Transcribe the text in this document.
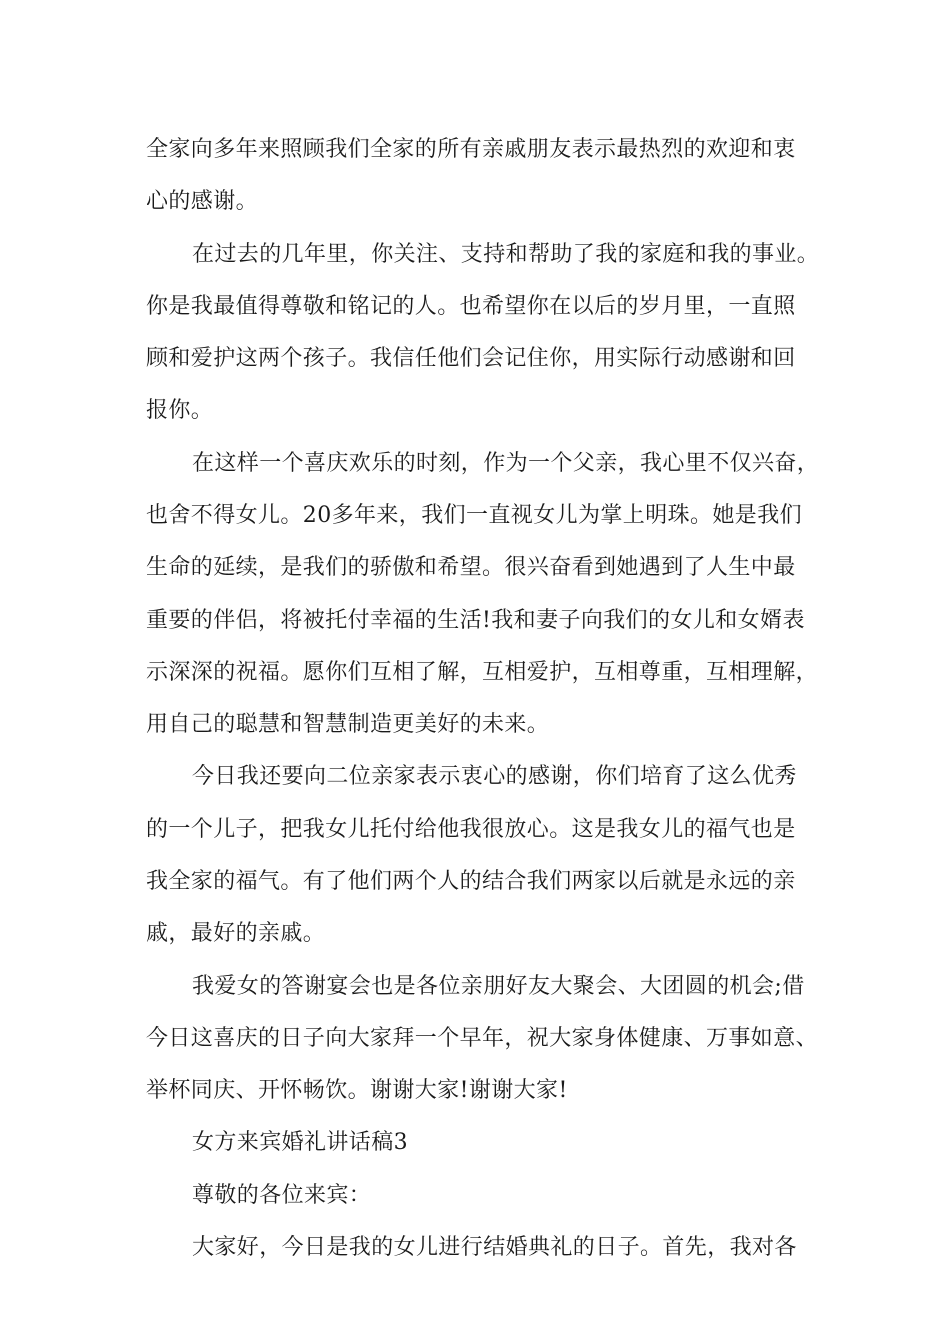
全家向多年来照顾我们全家的所有亲戚朋友表示最热烈的欢迎和衷
心的感谢。
在过去的几年里，你关注、支持和帮助了我的家庭和我的事业。
你是我最值得尊敬和铭记的人。也希望你在以后的岁月里，一直照
顾和爱护这两个孩子。我信任他们会记住你，用实际行动感谢和回
报你。
在这样一个喜庆欢乐的时刻，作为一个父亲，我心里不仅兴奋，
也舍不得女儿。20多年来，我们一直视女儿为掌上明珠。她是我们
生命的延续，是我们的骄傲和希望。很兴奋看到她遇到了人生中最
重要的伴侣，将被托付幸福的生活!我和妻子向我们的女儿和女婿表
示深深的祝福。愿你们互相了解，互相爱护，互相尊重，互相理解，
用自己的聪慧和智慧制造更美好的未来。
今日我还要向二位亲家表示衷心的感谢，你们培育了这么优秀
的一个儿子，把我女儿托付给他我很放心。这是我女儿的福气也是
我全家的福气。有了他们两个人的结合我们两家以后就是永远的亲
戚，最好的亲戚。
我爱女的答谢宴会也是各位亲朋好友大聚会、大团圆的机会;借
今日这喜庆的日子向大家拜一个早年，祝大家身体健康、万事如意、
举杯同庆、开怀畅饮。谢谢大家!谢谢大家!
女方来宾婚礼讲话稿3
尊敬的各位来宾：
大家好，今日是我的女儿进行结婚典礼的日子。首先，我对各
